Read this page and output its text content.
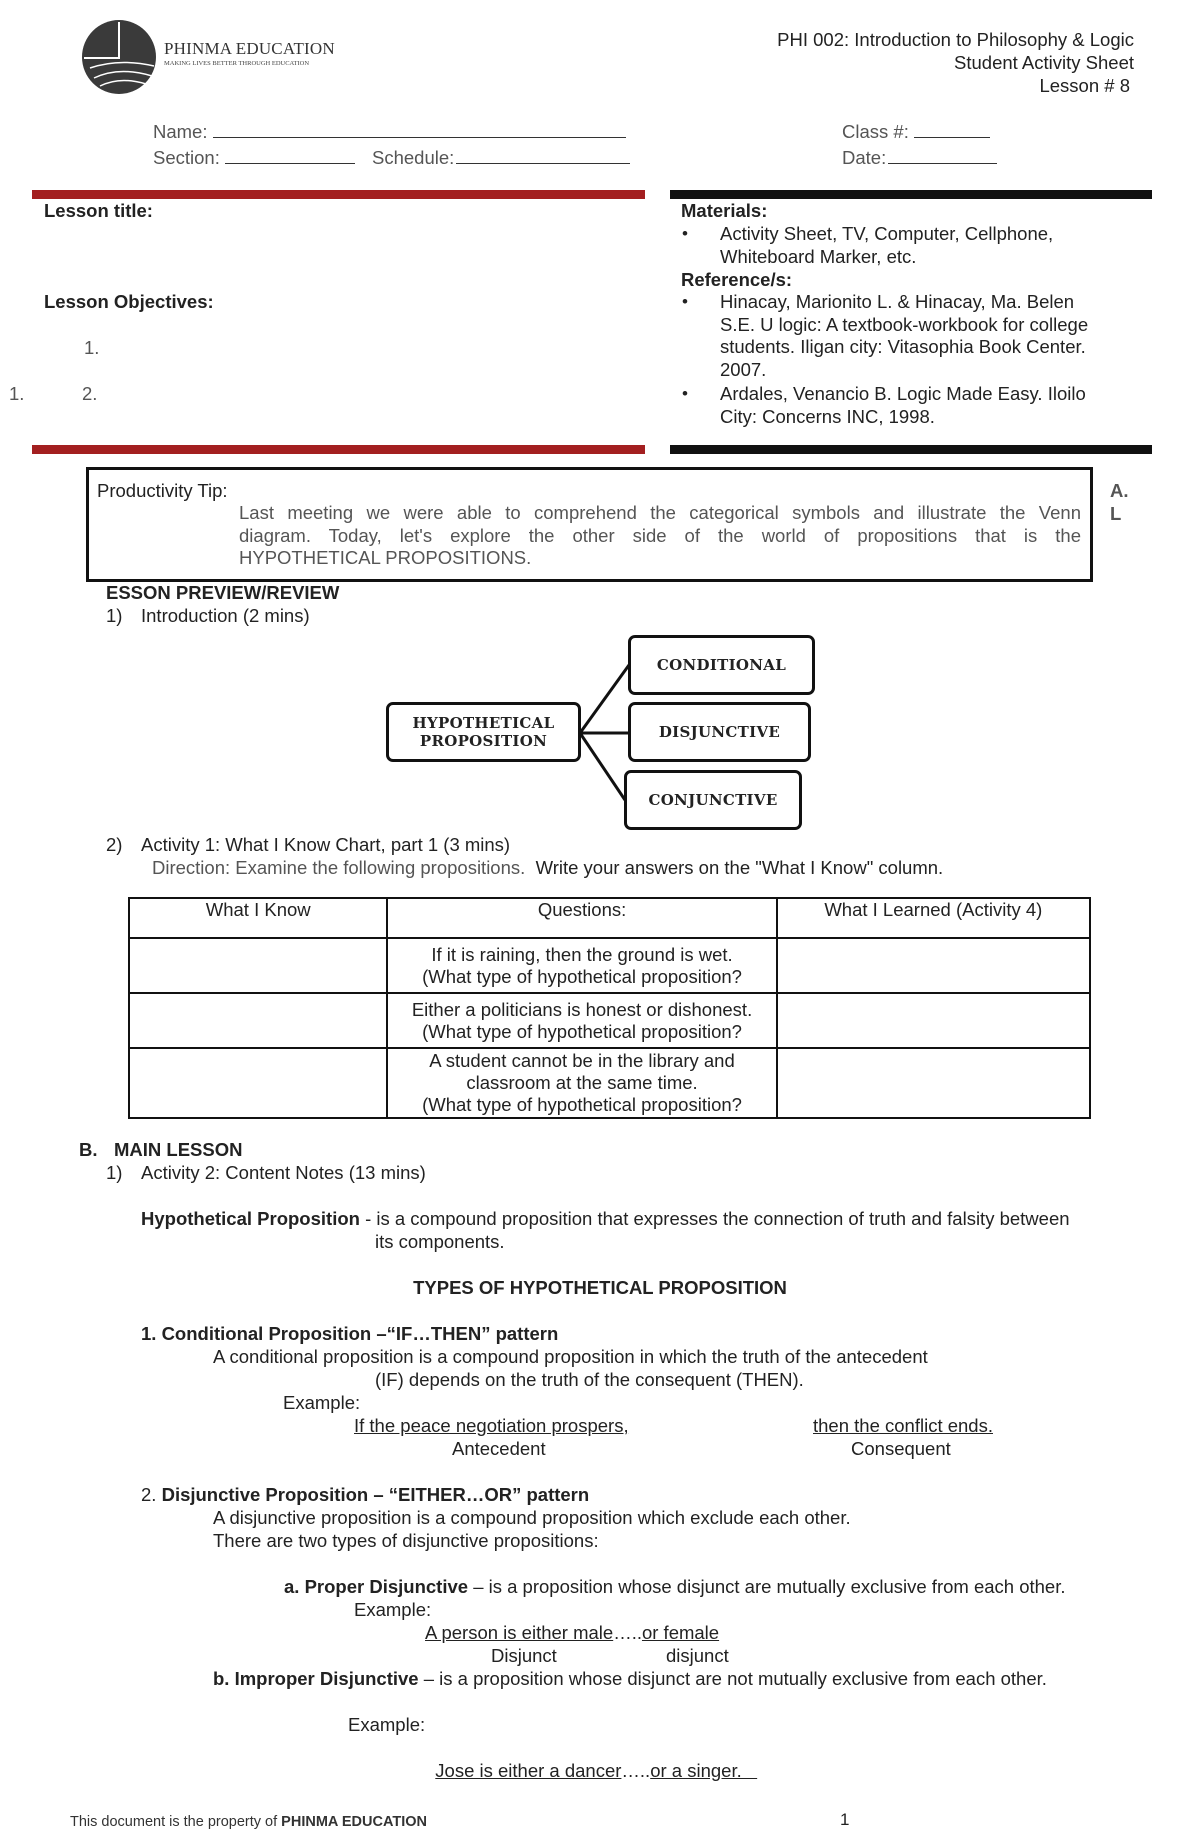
PHINMA EDUCATION
MAKING LIVES BETTER THROUGH EDUCATION
PHI 002: Introduction to Philosophy & Logic
Student Activity Sheet
Lesson # 8
Name:
Section:	Schedule:
Class #:
Date:
Lesson title:
Lesson Objectives:
1.
1.	2.
Materials:
• Activity Sheet, TV, Computer, Cellphone,
Whiteboard Marker, etc.
Reference/s:
• Hinacay, Marionito L. & Hinacay, Ma. Belen
S.E. U logic: A textbook-workbook for college
students. Iligan city: Vitasophia Book Center.
2007.
• Ardales, Venancio B. Logic Made Easy. Iloilo
City: Concerns INC, 1998.
Productivity Tip:
Last meeting we were able to comprehend the categorical symbols and illustrate the Venn
diagram. Today, let's explore the other side of the world of propositions that is the
HYPOTHETICAL PROPOSITIONS.
A.
L
ESSON PREVIEW/REVIEW
1) Introduction (2 mins)
HYPOTHETICAL
PROPOSITION
CONDITIONAL
DISJUNCTIVE
CONJUNCTIVE
2) Activity 1: What I Know Chart, part 1 (3 mins)
Direction: Examine the following propositions. Write your answers on the "What I Know" column.
What I Know	Questions:	What I Learned (Activity 4)

	If it is raining, then the ground is wet.
(What type of hypothetical proposition?	

	Either a politicians is honest or dishonest.
(What type of hypothetical proposition?	

	A student cannot be in the library and
classroom at the same time.
(What type of hypothetical proposition?	

B. MAIN LESSON
1) Activity 2: Content Notes (13 mins)
Hypothetical Proposition - is a compound proposition that expresses the connection of truth and falsity between
its components.
TYPES OF HYPOTHETICAL PROPOSITION
1. Conditional Proposition –“IF…THEN” pattern
A conditional proposition is a compound proposition in which the truth of the antecedent
(IF) depends on the truth of the consequent (THEN).
Example:
If the peace negotiation prospers,	then the conflict ends.
Antecedent	Consequent
2. Disjunctive Proposition – “EITHER…OR” pattern
A disjunctive proposition is a compound proposition which exclude each other.
There are two types of disjunctive propositions:
a. Proper Disjunctive – is a proposition whose disjunct are mutually exclusive from each other.
Example:
A person is either male…..or female
Disjunct	disjunct
b. Improper Disjunctive – is a proposition whose disjunct are not mutually exclusive from each other.
Example:

Jose is either a dancer…..or a singer.

This document is the property of PHINMA EDUCATION	1
